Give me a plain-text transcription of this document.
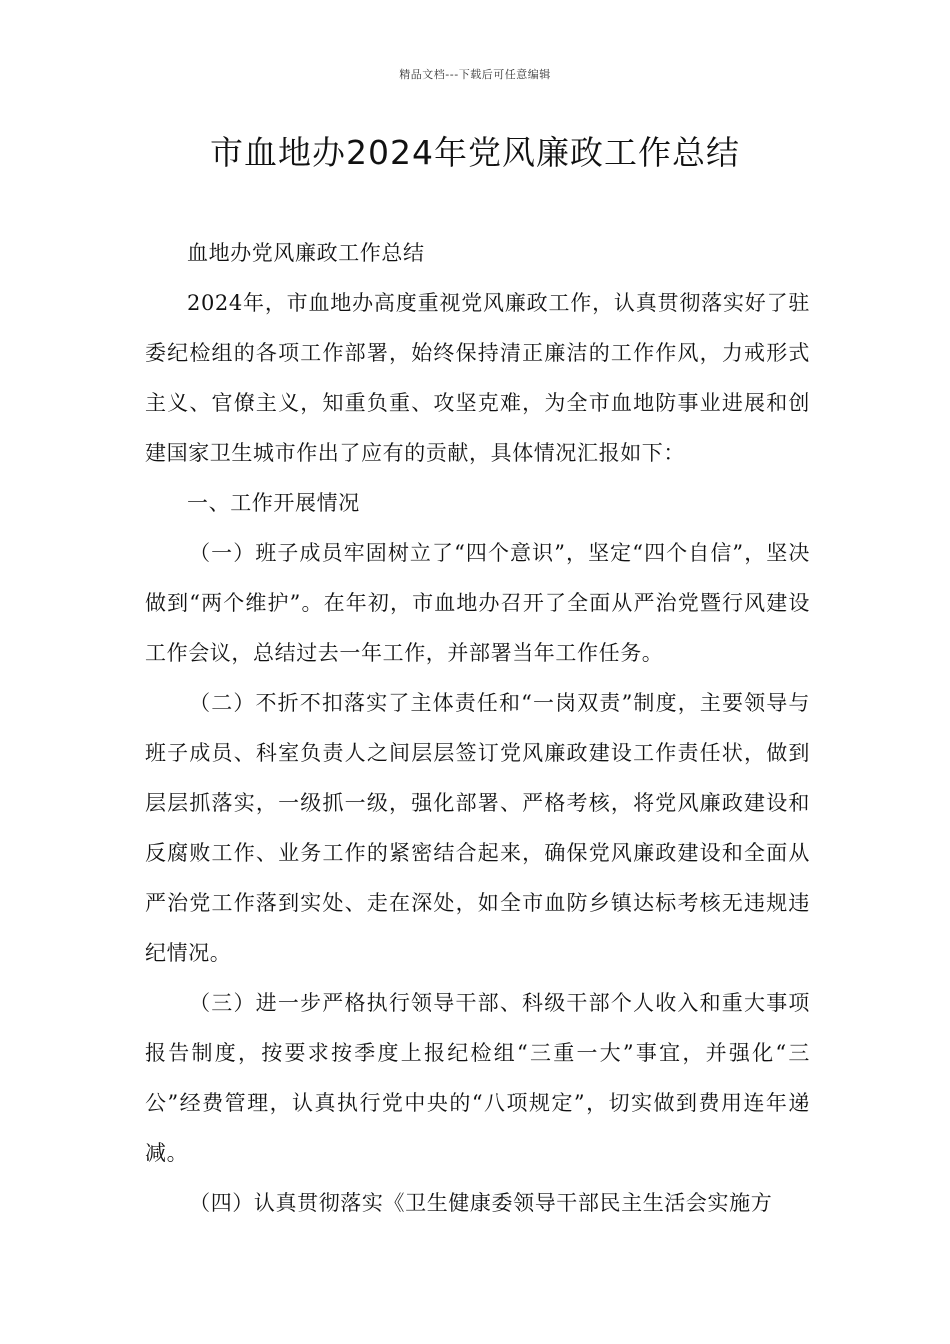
精品文档---下载后可任意编辑
市血地办2024年党风廉政工作总结

血地办党风廉政工作总结

2024年，市血地办高度重视党风廉政工作，认真贯彻落实好了驻委纪检组的各项工作部署，始终保持清正廉洁的工作作风，力戒形式主义、官僚主义，知重负重、攻坚克难，为全市血地防事业进展和创建国家卫生城市作出了应有的贡献，具体情况汇报如下：

一、工作开展情况

（一）班子成员牢固树立了“四个意识”，坚定“四个自信”，坚决做到“两个维护”。在年初，市血地办召开了全面从严治党暨行风建设工作会议，总结过去一年工作，并部署当年工作任务。

（二）不折不扣落实了主体责任和“一岗双责”制度，主要领导与班子成员、科室负责人之间层层签订党风廉政建设工作责任状，做到层层抓落实，一级抓一级，强化部署、严格考核，将党风廉政建设和反腐败工作、业务工作的紧密结合起来，确保党风廉政建设和全面从严治党工作落到实处、走在深处，如全市血防乡镇达标考核无违规违纪情况。

（三）进一步严格执行领导干部、科级干部个人收入和重大事项报告制度，按要求按季度上报纪检组“三重一大”事宜，并强化“三公”经费管理，认真执行党中央的“八项规定”，切实做到费用连年递减。

（四）认真贯彻落实《卫生健康委领导干部民主生活会实施方
